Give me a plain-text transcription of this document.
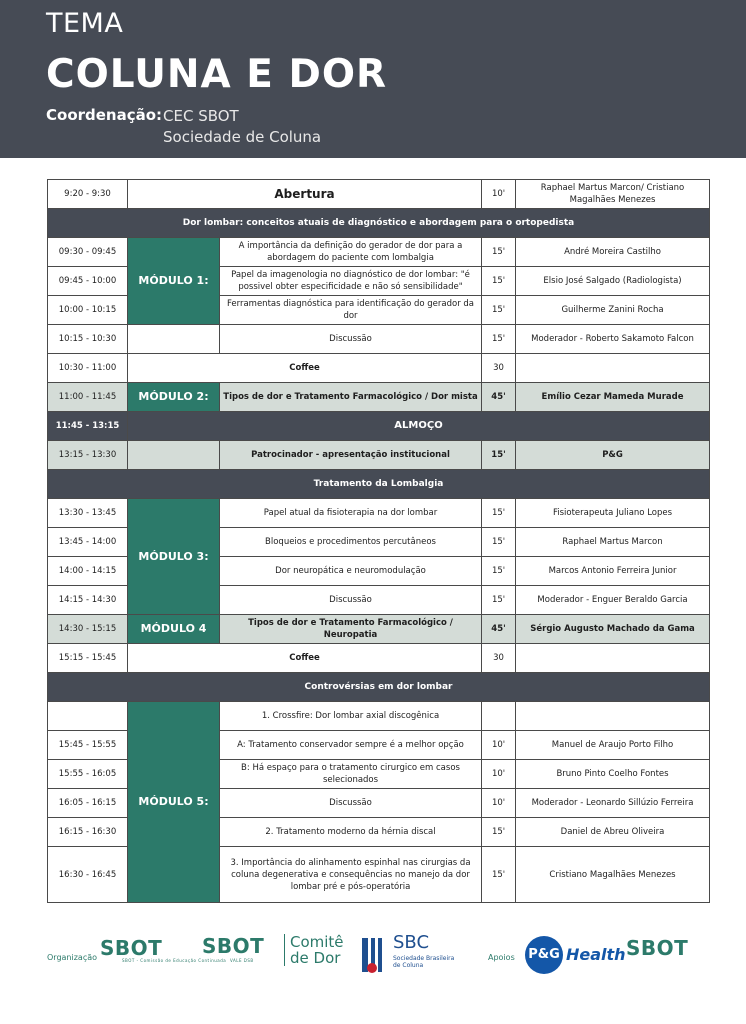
TEMA
COLUNA E DOR
Coordenação: CEC SBOT
Sociedade de Coluna
9:20 - 9:30	Abertura		10'	Raphael Martus Marcon/ Cristiano Magalhães Menezes
Dor lombar: conceitos atuais de diagnóstico e abordagem para o ortopedista				
09:30 - 09:45	MÓDULO 1:	A importância da definição do gerador de dor para a abordagem do paciente com lombalgia	15'	André Moreira Castilho
09:45 - 10:00		Papel da imagenologia no diagnóstico de dor lombar: "é possivel obter especificidade e não só sensibilidade"	15'	Elsio José Salgado (Radiologista)
10:00 - 10:15		Ferramentas diagnóstica para identificação do gerador da dor	15'	Guilherme Zanini Rocha
10:15 - 10:30		Discussão	15'	Moderador - Roberto Sakamoto Falcon
10:30 - 11:00	Coffee		30	
11:00 - 11:45	MÓDULO 2:	Tipos de dor e Tratamento Farmacológico / Dor mista	45'	Emílio Cezar Mameda Murade
11:45 - 13:15	ALMOÇO			
13:15 - 13:30		Patrocinador - apresentação institucional	15'	P&G
Tratamento da Lombalgia				
13:30 - 13:45	MÓDULO 3:	Papel atual da fisioterapia na dor lombar	15'	Fisioterapeuta Juliano Lopes
13:45 - 14:00		Bloqueios e procedimentos percutâneos	15'	Raphael Martus Marcon
14:00 - 14:15		Dor neuropática e neuromodulação	15'	Marcos Antonio Ferreira Junior
14:15 - 14:30		Discussão	15'	Moderador - Enguer Beraldo Garcia
14:30 - 15:15	MÓDULO 4	Tipos de dor e Tratamento Farmacológico / Neuropatia	45'	Sérgio Augusto Machado da Gama
15:15 - 15:45	Coffee		30	
Controvérsias em dor lombar				
	MÓDULO 5:	1. Crossfire: Dor lombar axial discogênica		
15:45 - 15:55		A: Tratamento conservador sempre é a melhor opção	10'	Manuel de Araujo Porto Filho
15:55 - 16:05		B: Há espaço para o tratamento cirurgico em casos selecionados	10'	Bruno Pinto Coelho Fontes
16:05 - 16:15		Discussão	10'	Moderador - Leonardo Sillúzio Ferreira
16:15 - 16:30		2. Tratamento moderno da hérnia discal	15'	Daniel de Abreu Oliveira
16:30 - 16:45		3. Importância do alinhamento espinhal nas cirurgias da coluna degenerativa e consequências no manejo da dor lombar pré e pós-operatória	15'	Cristiano Magalhães Menezes
Organização SBOT
SBOT - Comissão de Educação Continuada
SBOT
VALE DSB
Comitê
de Dor
SBC
Sociedade Brasileira
de Coluna
Apoios P&G Health SBOT
